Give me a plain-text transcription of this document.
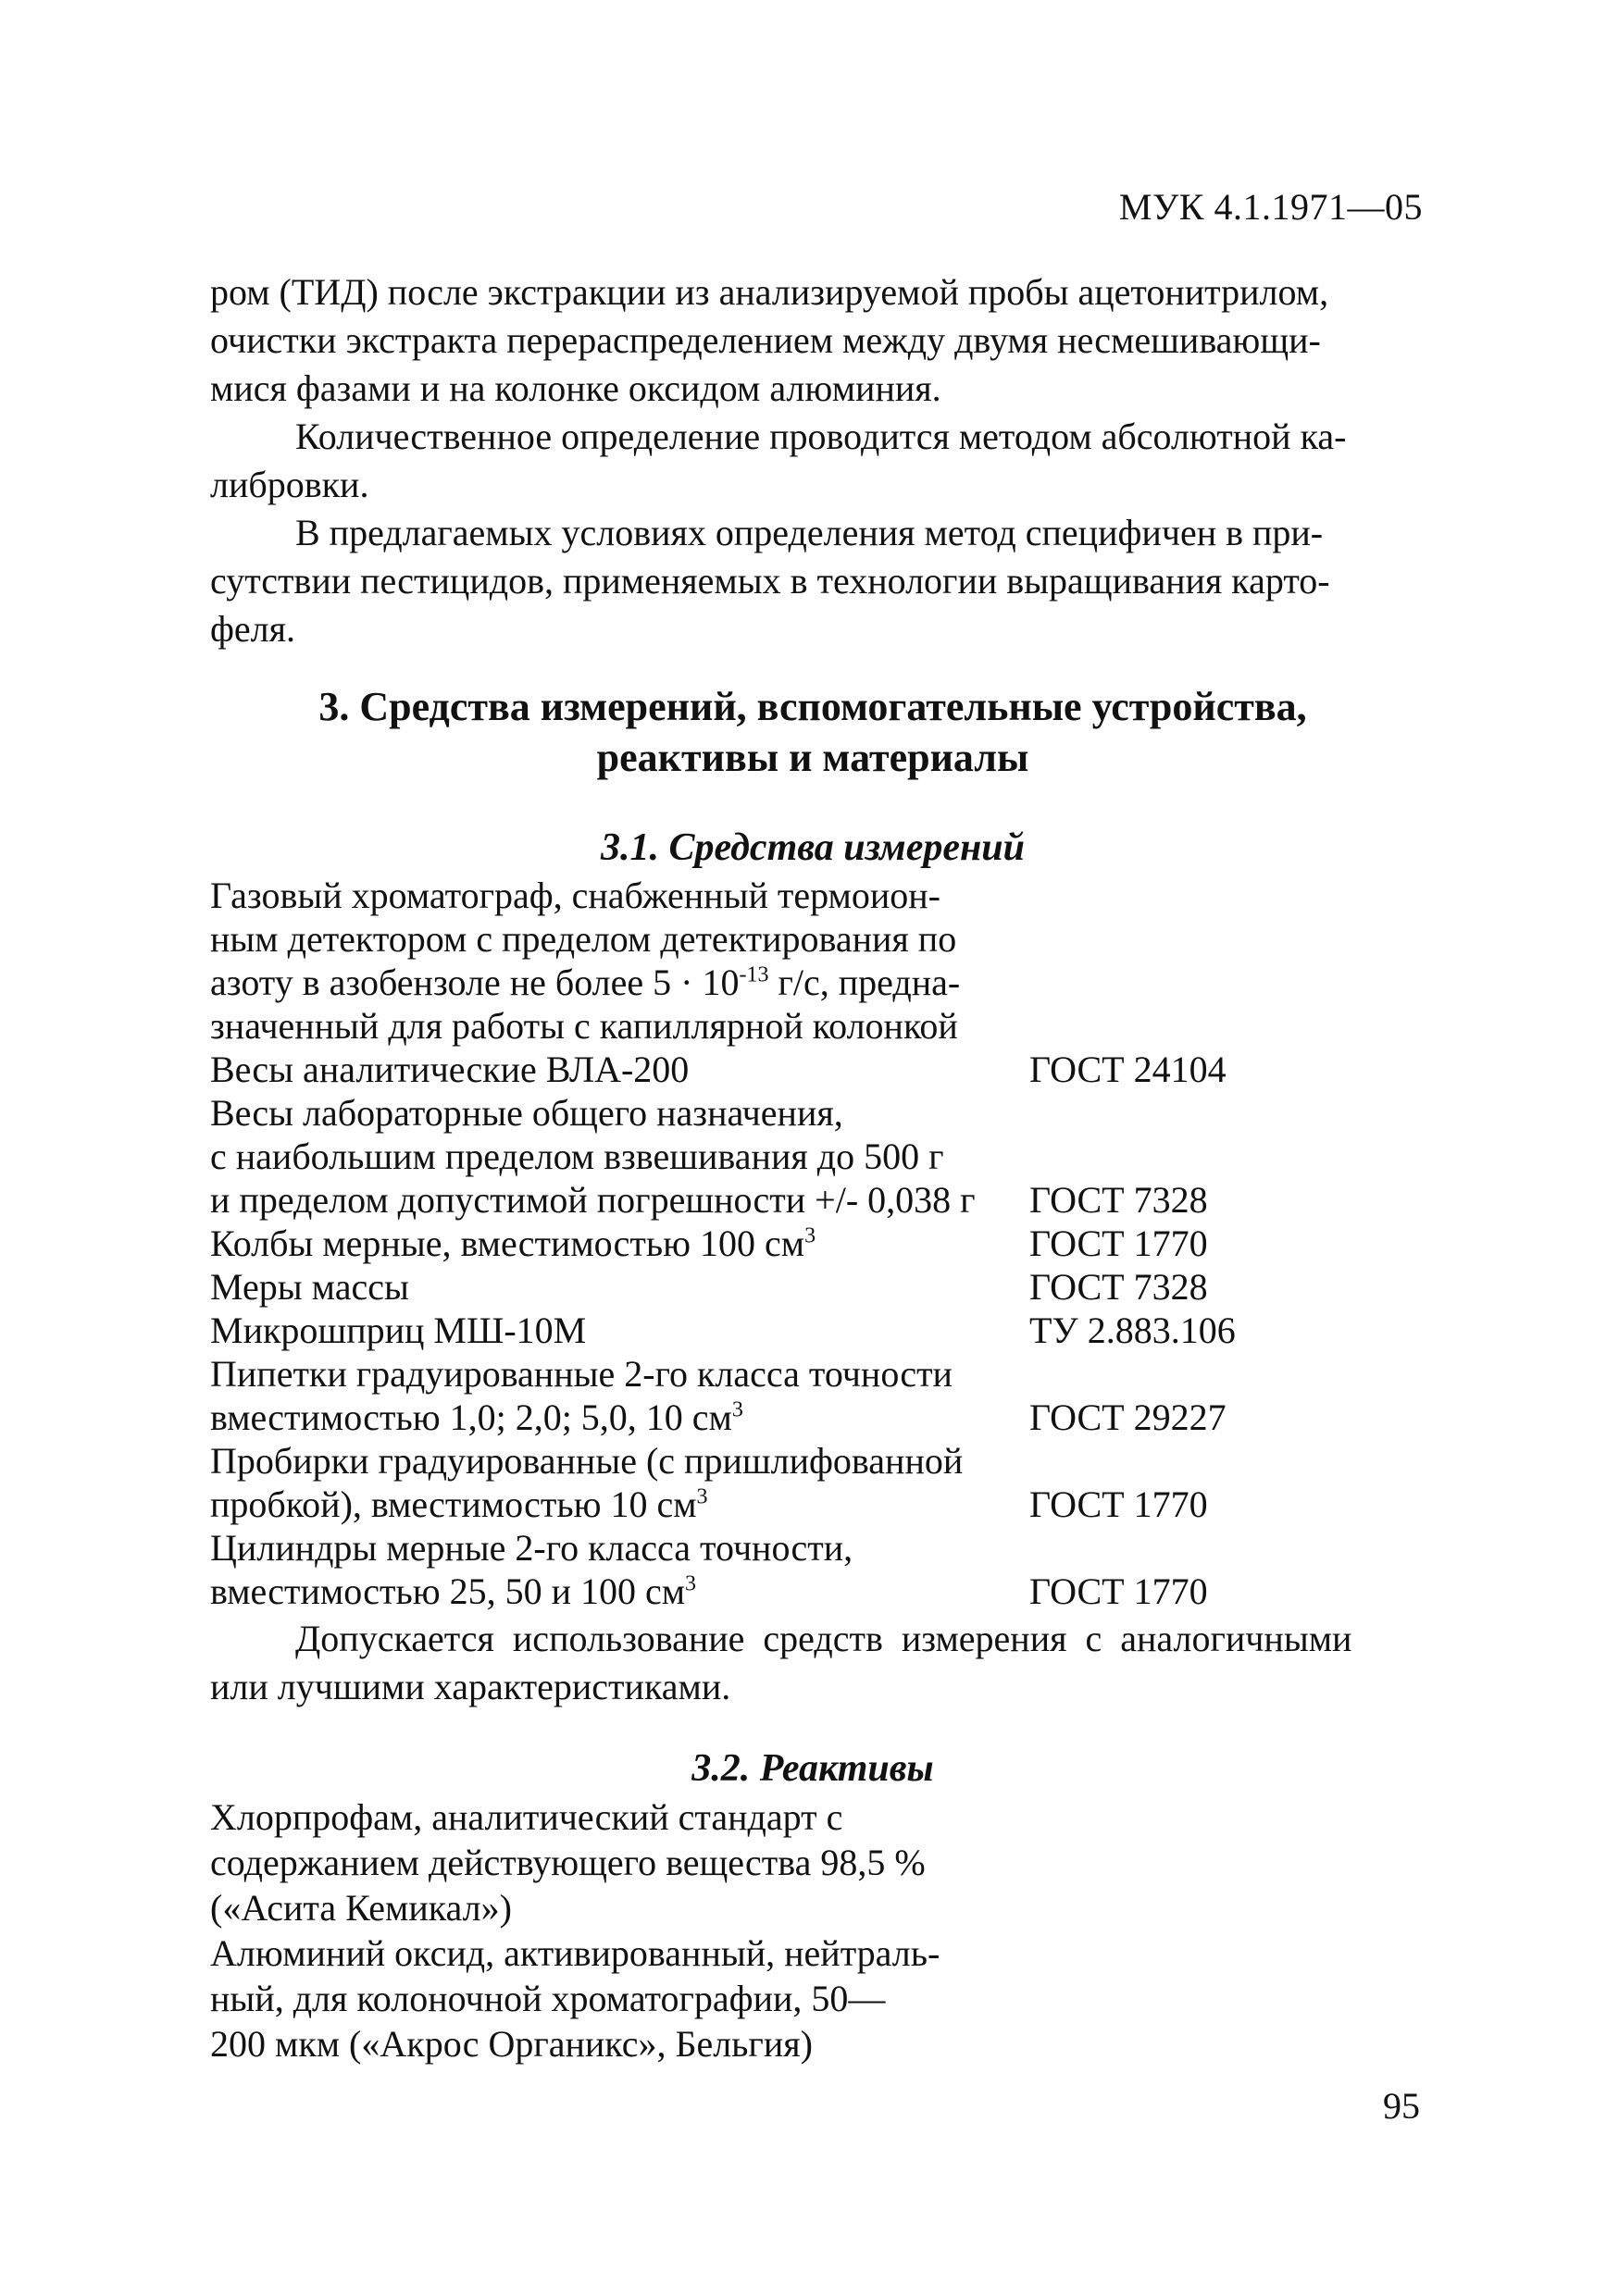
МУК 4.1.1971—05

ром (ТИД) после экстракции из анализируемой пробы ацетонитрилом,
очистки экстракта перераспределением между двумя несмешивающи-
мися фазами и на колонке оксидом алюминия.

Количественное определение проводится методом абсолютной ка-
либровки.

В предлагаемых условиях определения метод специфичен в при-
сутствии пестицидов, применяемых в технологии выращивания карто-
феля.

3. Средства измерений, вспомогательные устройства,
реактивы и материалы
3.1. Средства измерений
Газовый хроматограф, снабженный термоион-
ным детектором с пределом детектирования по
азоту в азобензоле не более $5 \cdot 10^{-13}$ г/с, предна-
значенный для работы с капиллярной колонкой
Весы аналитические ВЛА-200	ГОСТ 24104
Весы лабораторные общего назначения,
с наибольшим пределом взвешивания до 500 г
и пределом допустимой погрешности +/- 0,038 г	ГОСТ 7328
Колбы мерные, вместимостью 100 $см^3$	ГОСТ 1770
Меры массы	ГОСТ 7328
Микрошприц МШ-10М	ТУ 2.883.106
Пипетки градуированные 2-го класса точности
вместимостью 1,0; 2,0; 5,0, 10 $см^3$	ГОСТ 29227
Пробирки градуированные (с пришлифованной
пробкой), вместимостью 10 $см^3$	ГОСТ 1770
Цилиндры мерные 2-го класса точности,
вместимостью 25, 50 и 100 $см^3$	ГОСТ 1770

Допускается использование средств измерения с аналогичными
или лучшими характеристиками.

3.2. Реактивы
Хлорпрофам, аналитический стандарт с
содержанием действующего вещества 98,5 %
(«Асита Кемикал»)
Алюминий оксид, активированный, нейтраль-
ный, для колоночной хроматографии, 50—
200 мкм («Акрос Органикс», Бельгия)
95
